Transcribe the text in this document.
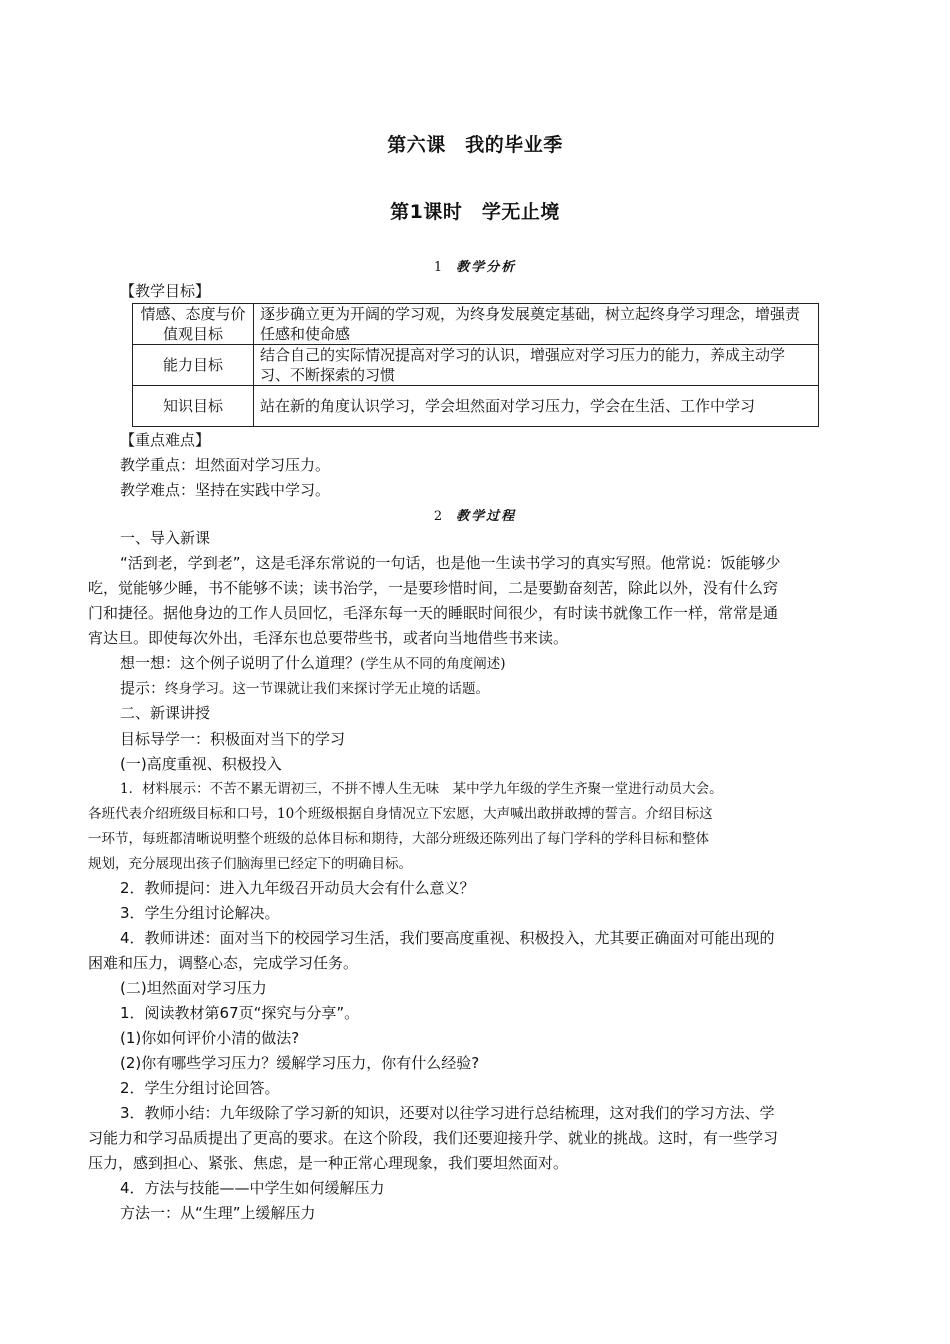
第六课　我的毕业季
第1课时　学无止境
1 教学分析
【教学目标】
情感、态度与价值观目标	逐步确立更为开阔的学习观，为终身发展奠定基础，树立起终身学习理念，增强责任感和使命感
能力目标	结合自己的实际情况提高对学习的认识，增强应对学习压力的能力，养成主动学习、不断探索的习惯
知识目标	站在新的角度认识学习，学会坦然面对学习压力，学会在生活、工作中学习
【重点难点】
教学重点：坦然面对学习压力。
教学难点：坚持在实践中学习。
2 教学过程
一、导入新课
“活到老，学到老”，这是毛泽东常说的一句话，也是他一生读书学习的真实写照。他常说：饭能够少
吃，觉能够少睡，书不能够不读；读书治学，一是要珍惜时间，二是要勤奋刻苦，除此以外，没有什么窍
门和捷径。据他身边的工作人员回忆，毛泽东每一天的睡眠时间很少，有时读书就像工作一样，常常是通
宵达旦。即使每次外出，毛泽东也总要带些书，或者向当地借些书来读。
想一想：这个例子说明了什么道理？(学生从不同的角度阐述)
提示：终身学习。这一节课就让我们来探讨学无止境的话题。
二、新课讲授
目标导学一：积极面对当下的学习
(一)高度重视、积极投入
1．材料展示：不苦不累无谓初三，不拼不博人生无味　某中学九年级的学生齐聚一堂进行动员大会。
各班代表介绍班级目标和口号，10个班级根据自身情况立下宏愿，大声喊出敢拼敢搏的誓言。介绍目标这
一环节，每班都清晰说明整个班级的总体目标和期待，大部分班级还陈列出了每门学科的学科目标和整体
规划，充分展现出孩子们脑海里已经定下的明确目标。
2．教师提问：进入九年级召开动员大会有什么意义？
3．学生分组讨论解决。
4．教师讲述：面对当下的校园学习生活，我们要高度重视、积极投入，尤其要正确面对可能出现的
困难和压力，调整心态，完成学习任务。
(二)坦然面对学习压力
1．阅读教材第67页“探究与分享”。
(1)你如何评价小清的做法?
(2)你有哪些学习压力？缓解学习压力，你有什么经验?
2．学生分组讨论回答。
3．教师小结：九年级除了学习新的知识，还要对以往学习进行总结梳理，这对我们的学习方法、学
习能力和学习品质提出了更高的要求。在这个阶段，我们还要迎接升学、就业的挑战。这时，有一些学习
压力，感到担心、紧张、焦虑，是一种正常心理现象，我们要坦然面对。
4．方法与技能——中学生如何缓解压力
方法一：从“生理”上缓解压力
